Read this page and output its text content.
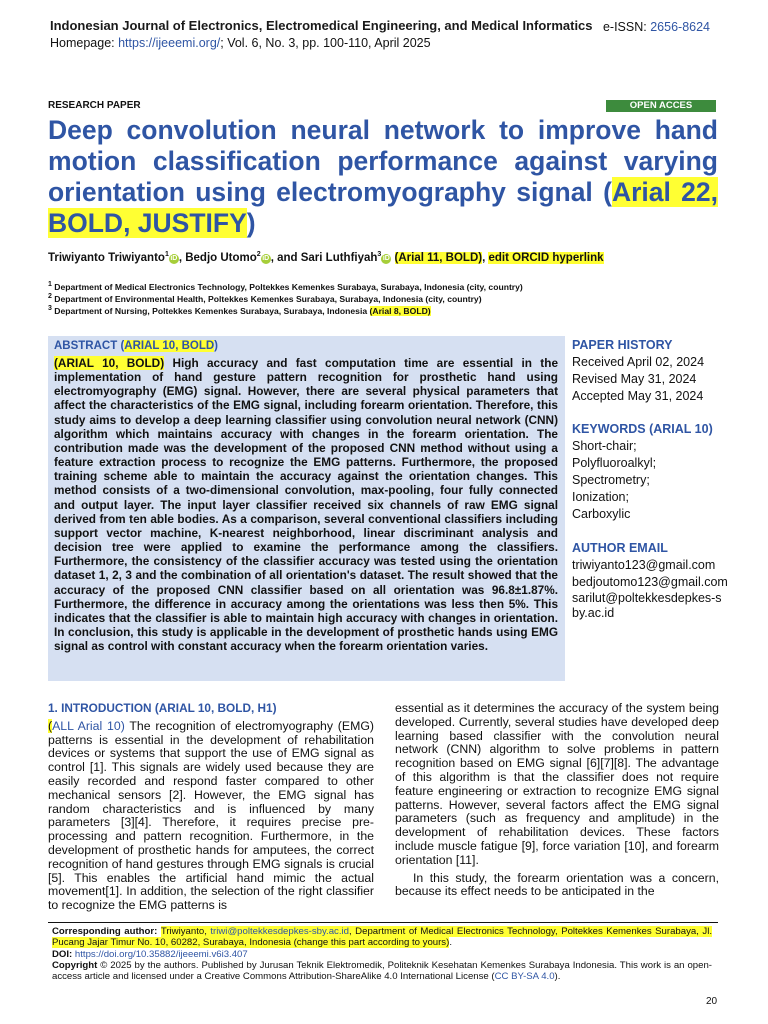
Indonesian Journal of Electronics, Electromedical Engineering, and Medical Informatics e-ISSN: 2656-8624
Homepage: https://ijeeemi.org/; Vol. 6, No. 3, pp. 100-110, April 2025
RESEARCH PAPER	OPEN ACCES
Deep convolution neural network to improve hand motion classification performance against varying orientation using electromyography signal (Arial 22, BOLD, JUSTIFY)
Triwiyanto Triwiyanto$^1$iD , Bedjo Utomo$^2$iD , and Sari Luthfiyah$^3$iD (Arial 11, BOLD), edit ORCID hyperlink
$^1$ Department of Medical Electronics Technology, Poltekkes Kemenkes Surabaya, Surabaya, Indonesia (city, country)
$^2$ Department of Environmental Health, Poltekkes Kemenkes Surabaya, Surabaya, Indonesia (city, country)
$^3$ Department of Nursing, Poltekkes Kemenkes Surabaya, Surabaya, Indonesia (Arial 8, BOLD)
ABSTRACT (ARIAL 10, BOLD)
(ARIAL 10, BOLD) High accuracy and fast computation time are essential in the implementation of hand gesture pattern recognition for prosthetic hand using electromyography (EMG) signal. However, there are several physical parameters that affect the characteristics of the EMG signal, including forearm orientation. Therefore, this study aims to develop a deep learning classifier using convolution neural network (CNN) algorithm which maintains accuracy with changes in the forearm orientation. The contribution made was the development of the proposed CNN method without using a feature extraction process to recognize the EMG patterns. Furthermore, the proposed training scheme able to maintain the accuracy against the orientation changes. This method consists of a two-dimensional convolution, max-pooling, four fully connected and output layer. The input layer classifier received six channels of raw EMG signal derived from ten able bodies. As a comparison, several conventional classifiers including support vector machine, K-nearest neighborhood, linear discriminant analysis and decision tree were applied to examine the performance among the classifiers. Furthermore, the consistency of the classifier accuracy was tested using the orientation dataset 1, 2, 3 and the combination of all orientation's dataset. The result showed that the accuracy of the proposed CNN classifier based on all orientation was 96.8±1.87%. Furthermore, the difference in accuracy among the orientations was less then 5%. This indicates that the classifier is able to maintain high accuracy with changes in orientation. In conclusion, this study is applicable in the development of prosthetic hands using EMG signal as control with constant accuracy when the forearm orientation varies.
PAPER HISTORY
Received April 02, 2024
Revised May 31, 2024
Accepted May 31, 2024
KEYWORDS (ARIAL 10)
Short-chair;
Polyfluoroalkyl;
Spectrometry;
Ionization;
Carboxylic
AUTHOR EMAIL
triwiyanto123@gmail.com
bedjoutomo123@gmail.com
sarilut@poltekkesdepkes-sby.ac.id
1. INTRODUCTION (ARIAL 10, BOLD, H1)
(ALL Arial 10) The recognition of electromyography (EMG) patterns is essential in the development of rehabilitation devices or systems that support the use of EMG signal as control [1]. This signals are widely used because they are easily recorded and respond faster compared to other mechanical sensors [2]. However, the EMG signal has random characteristics and is influenced by many parameters [3][4]. Therefore, it requires precise pre-processing and pattern recognition. Furthermore, in the development of prosthetic hands for amputees, the correct recognition of hand gestures through EMG signals is crucial [5]. This enables the artificial hand mimic the actual movement[1]. In addition, the selection of the right classifier to recognize the EMG patterns is
essential as it determines the accuracy of the system being developed. Currently, several studies have developed deep learning based classifier with the convolution neural network (CNN) algorithm to solve problems in pattern recognition based on EMG signal [6][7][8]. The advantage of this algorithm is that the classifier does not require feature engineering or extraction to recognize EMG signal patterns. However, several factors affect the EMG signal parameters (such as frequency and amplitude) in the development of rehabilitation devices. These factors include muscle fatigue [9], force variation [10], and forearm orientation [11].
In this study, the forearm orientation was a concern, because its effect needs to be anticipated in the
Corresponding author: Triwiyanto, triwi@poltekkesdepkes-sby.ac.id, Department of Medical Electronics Technology, Poltekkes Kemenkes Surabaya, Jl. Pucang Jajar Timur No. 10, 60282, Surabaya, Indonesia (change this part according to yours).
DOI: https://doi.org/10.35882/ijeeemi.v6i3.407
Copyright © 2025 by the authors. Published by Jurusan Teknik Elektromedik, Politeknik Kesehatan Kemenkes Surabaya Indonesia. This work is an open-access article and licensed under a Creative Commons Attribution-ShareAlike 4.0 International License (CC BY-SA 4.0).
20
